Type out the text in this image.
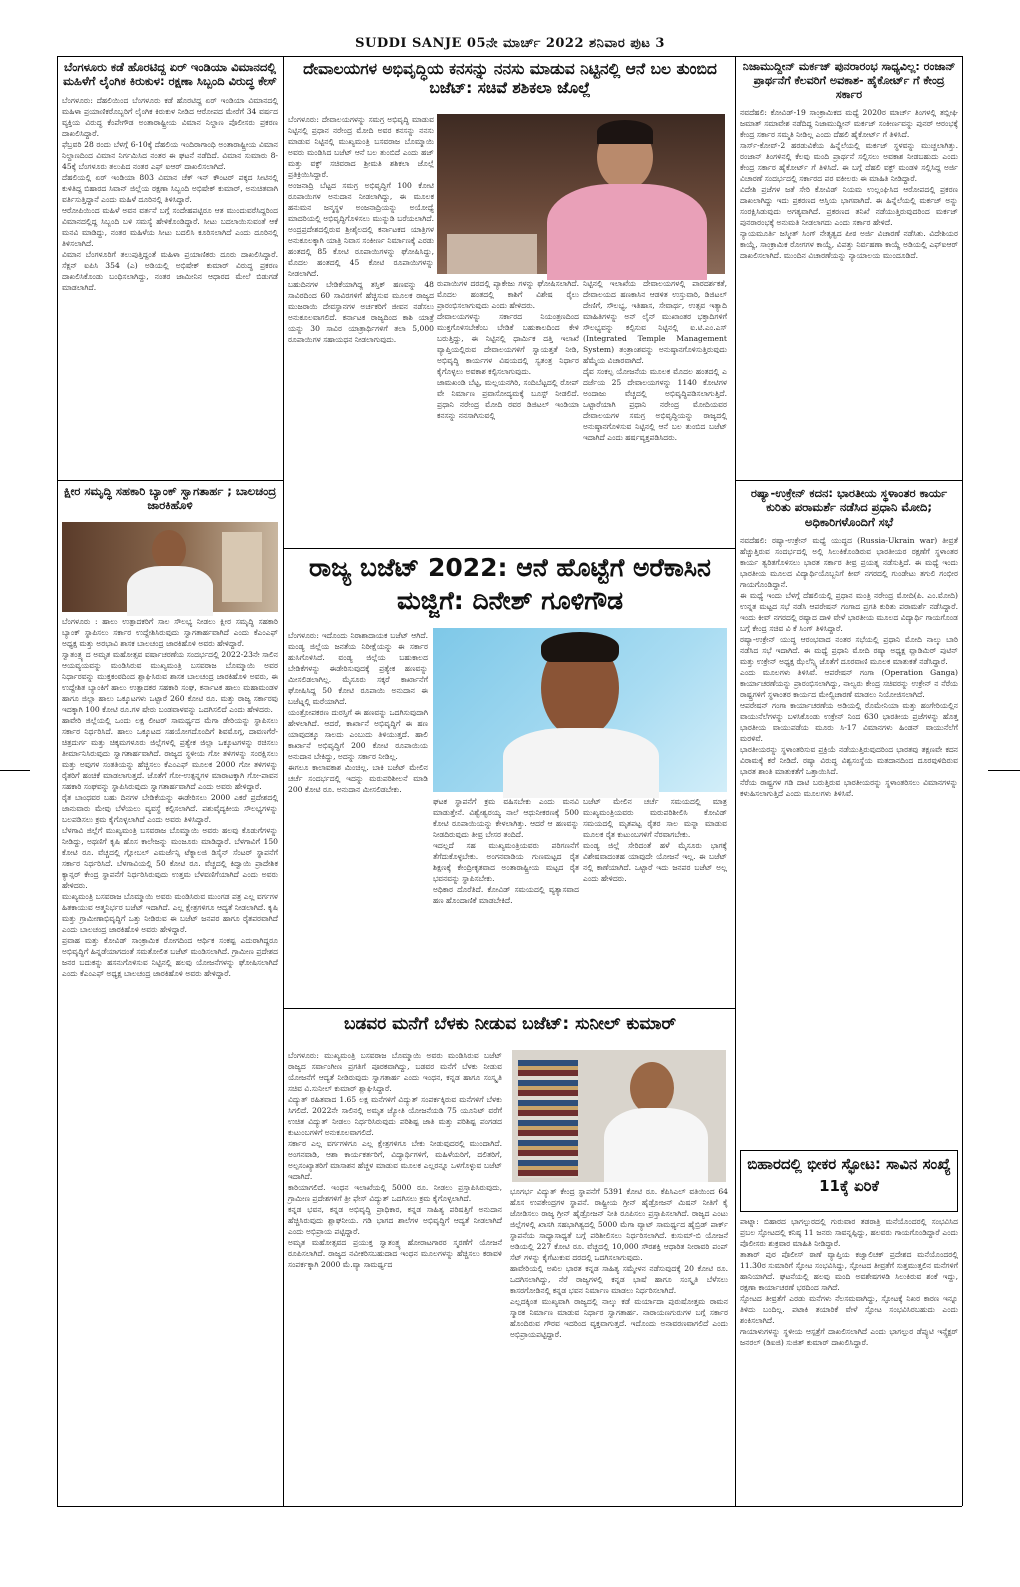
SUDDI SANJE 05ನೇ ಮಾರ್ಚ್ 2022 ಶನಿವಾರ ಪುಟ 3
ಬೆಂಗಳೂರು ಕಡೆ ಹೊರಟಿದ್ದ ಏರ್ ಇಂಡಿಯಾ ವಿಮಾನದಲ್ಲಿ ಮಹಿಳೆಗೆ ಲೈಂಗಿಕ ಕಿರುಕುಳ: ರಕ್ಷಣಾ ಸಿಬ್ಬಂದಿ ವಿರುದ್ಧ ಕೇಸ್

ಬೆಂಗಳೂರು: ದೆಹಲಿಯಿಂದ ಬೆಂಗಳೂರು ಕಡೆ ಹೊರಟಿದ್ದ ಏರ್ ಇಂಡಿಯಾ ವಿಮಾನದಲ್ಲಿ ಮಹಿಳಾ ಪ್ರಯಾಣಿಕರೊಬ್ಬರಿಗೆ ಲೈಂಗಿಕ ಕಿರುಕುಳ ನೀಡಿದ ಆರೋಪದ ಮೇರೆಗೆ 34 ವರ್ಷದ ವ್ಯಕ್ತಿಯ ವಿರುದ್ಧ ಕೆಂಪೇಗೌಡ ಅಂತಾರಾಷ್ಟ್ರೀಯ ವಿಮಾನ ನಿಲ್ದಾಣ ಪೊಲೀಸರು ಪ್ರಕರಣ ದಾಖಲಿಸಿದ್ದಾರೆ.
ಫೆಬ್ರವರಿ 28 ರಂದು ಬೆಳಗ್ಗೆ 6-10ಕ್ಕೆ ದೆಹಲಿಯ ಇಂದಿರಾಗಾಂಧಿ ಅಂತಾರಾಷ್ಟ್ರೀಯ ವಿಮಾನ ನಿಲ್ದಾಣದಿಂದ ವಿಮಾನ ನಿರ್ಗಮಿಸಿದ ನಂತರ ಈ ಘಟನೆ ನಡೆದಿದೆ. ವಿಮಾನ ಸುಮಾರು 8-45ಕ್ಕೆ ಬೆಂಗಳೂರು ತಲುಪಿದ ನಂತರ ಎಫ್ ಐಆರ್ ದಾಖಲಿಸಲಾಗಿದೆ.
ದೆಹಲಿಯಲ್ಲಿ ಏರ್ ಇಂಡಿಯಾ 803 ವಿಮಾನ ಚೆಕ್ ಇನ್ ಕೌಂಟರ್ ಪಕ್ಕದ ಸೀಟಿನಲ್ಲಿ ಕುಳಿತಿದ್ದ ಬಿಹಾರದ ಸಿವಾನ್ ಜಿಲ್ಲೆಯ ರಕ್ಷಣಾ ಸಿಬ್ಬಂದಿ ಅಭಿಷೇಕ್ ಕುಮಾರ್, ಅನುಚಿತವಾಗಿ ವರ್ತಿಸುತ್ತಿದ್ದಾನೆ ಎಂದು ಮಹಿಳೆ ದೂರಿನಲ್ಲಿ ತಿಳಿಸಿದ್ದಾರೆ.
ಆರೋಪಿಯಿಂದ ಮಹಿಳೆ ಅವನ ವರ್ತನೆ ಬಗ್ಗೆ ಸಂದೇಹಪಟ್ಟಿರೂ ಆತ ಮುಂದುವರೆಸಿದ್ದರಿಂದ ವಿಮಾನದಲ್ಲಿದ್ದ ಸಿಬ್ಬಂದಿ ಬಳಿ ಸಮಸ್ಯೆ ಹೇಳಿಕೊಂಡಿದ್ದಾರೆ. ಸೀಟು ಬದಲಾಯಿಸುವಂತೆ ಆಕೆ ಮನವಿ ಮಾಡಿದ್ದು, ನಂತರ ಮಹಿಳೆಯ ಸೀಟು ಬದಲಿಸಿ ಕೂರಿಸಲಾಗಿದೆ ಎಂದು ದೂರಿನಲ್ಲಿ ತಿಳಿಸಲಾಗಿದೆ.
ವಿಮಾನ ಬೆಂಗಳೂರಿಗೆ ತಲುಪುತ್ತಿದ್ದಂತೆ ಮಹಿಳಾ ಪ್ರಯಾಣಿಕರು ದೂರು ದಾಖಲಿಸಿದ್ದಾರೆ. ಸೆಕ್ಷನ್ ಐಪಿಸಿ 354 (ಎ) ಅಡಿಯಲ್ಲಿ ಅಭಿಷೇಕ್ ಕುಮಾರ್ ವಿರುದ್ಧ ಪ್ರಕರಣ ದಾಖಲಿಸಿಕೊಂಡು ಬಂಧಿಸಲಾಗಿದ್ದು, ನಂತರ ಜಾಮೀನಿನ ಆಧಾರದ ಮೇಲೆ ಬಿಡುಗಡೆ ಮಾಡಲಾಗಿದೆ.

ಕ್ಷೀರ ಸಮೃದ್ಧಿ ಸಹಕಾರಿ ಬ್ಯಾಂಕ್ ಸ್ವಾಗತಾರ್ಹ ; ಬಾಲಚಂದ್ರ ಜಾರಕಿಹೊಳಿ

ಬೆಂಗಳೂರು : ಹಾಲು ಉತ್ಪಾದಕರಿಗೆ ಸಾಲ ಸೌಲಭ್ಯ ನೀಡಲು ಕ್ಷೀರ ಸಮೃದ್ಧಿ ಸಹಕಾರಿ ಬ್ಯಾಂಕ್ ಸ್ಥಾಪಿಸಲು ಸರ್ಕಾರ ಉದ್ದೇಶಿಸಿರುವುದು ಸ್ವಾಗತಾರ್ಹವಾಗಿದೆ ಎಂದು ಕೆಎಂಎಫ್ ಅಧ್ಯಕ್ಷ ಮತ್ತು ಅರಭಾವಿ ಶಾಸಕ ಬಾಲಚಂದ್ರ ಜಾರಕಿಹೊಳಿ ಅವರು ಹೇಳಿದ್ದಾರೆ.
ಸ್ವಾತಂತ್ರ್ಯ ದ ಅಮೃತ ಮಹೋತ್ಸವ ವರ್ಷಾಚರಣೆಯ ಸಂದರ್ಭದಲ್ಲಿ 2022-23ನೇ ಸಾಲಿನ ಆಯವ್ಯಯವನ್ನು ಮಂಡಿಸಿರುವ ಮುಖ್ಯಮಂತ್ರಿ ಬಸವರಾಜ ಬೊಮ್ಮಾಯಿ ಅವರ ನಿರ್ಧಾರವನ್ನು ಮುಕ್ತಕಂಠದಿಂದ ಶ್ಲಾಘಿಸಿರುವ ಶಾಸಕ ಬಾಲಚಂದ್ರ ಜಾರಕಿಹೊಳಿ ಅವರು, ಈ ಉದ್ದೇಶಿತ ಬ್ಯಾಂಕಿಗೆ ಹಾಲು ಉತ್ಪಾದಕರ ಸಹಕಾರಿ ಸಂಘ, ಕರ್ನಾಟಕ ಹಾಲು ಮಹಾಮಂಡಳ ಹಾಗೂ ಜಿಲ್ಲಾ ಹಾಲು ಒಕ್ಕೂಟಗಳು ಒಟ್ಟಾರೆ 260 ಕೋಟಿ ರೂ. ಮತ್ತು ರಾಜ್ಯ ಸರ್ಕಾರವು ಇದಕ್ಕಾಗಿ 100 ಕೋಟಿ ರೂ.ಗಳ ಷೇರು ಬಂಡವಾಳವನ್ನು ಒದಗಿಸಲಿದೆ ಎಂದು ಹೇಳಿದರು.
ಹಾವೇರಿ ಜಿಲ್ಲೆಯಲ್ಲಿ ಒಂದು ಲಕ್ಷ ಲೀಟರ್ ಸಾಮರ್ಥ್ಯದ ಮೆಗಾ ಡೇರಿಯನ್ನು ಸ್ಥಾಪಿಸಲು ಸರ್ಕಾರ ನಿರ್ಧರಿಸಿದೆ. ಹಾಲು ಒಕ್ಕೂಟದ ಸಹಯೋಗದೊಂದಿಗೆ ಶಿವಮೊಗ್ಗ, ದಾವಣಗೆರೆ-ಚಿತ್ರದುರ್ಗ ಮತ್ತು ಚಿಕ್ಕಮಗಳೂರು ಜಿಲ್ಲೆಗಳಲ್ಲಿ ಪ್ರತ್ಯೇಕ ಜಿಲ್ಲಾ ಒಕ್ಕೂಟಗಳನ್ನು ರಚಿಸಲು ತೀರ್ಮಾನಿಸಿರುವುದು ಸ್ವಾಗತಾರ್ಹವಾಗಿದೆ. ರಾಜ್ಯದ ಸ್ಥಳೀಯ ಗೋ ತಳಿಗಳನ್ನು ಸಂರಕ್ಷಿಸಲು ಮತ್ತು ಅವುಗಳ ಸಂತತಿಯನ್ನು ಹೆಚ್ಚಿಸಲು ಕೆಎಂಎಫ್ ಮೂಲಕ 2000 ಗೋ ತಳಿಗಳನ್ನು ರೈತರಿಗೆ ಹಂಚಿಕೆ ಮಾಡಲಾಗುತ್ತದೆ. ಜೊತೆಗೆ ಗೋ-ಉತ್ಪನ್ನಗಳ ಮಾರಾಟಕ್ಕಾಗಿ ಗೋ-ಪಾವನ ಸಹಕಾರಿ ಸಂಘವನ್ನು ಸ್ಥಾಪಿಸಿರುವುದು ಸ್ವಾಗತಾರ್ಹವಾಗಿದೆ ಎಂದು ಅವರು ಹೇಳಿದ್ದಾರೆ.
ರೈತ ಬಾಂಧವರ ಬಹು ದಿನಗಳ ಬೇಡಿಕೆಯನ್ನು ಈಡೇರಿಸಲು 2000 ಎಕರೆ ಪ್ರದೇಶದಲ್ಲಿ ಜಾನುವಾರು ಮೇವು ಬೆಳೆಯಲು ವ್ಯವಸ್ಥೆ ಕಲ್ಪಿಸಲಾಗಿದೆ. ಪಶುವೈದ್ಯಕೀಯ ಸೌಲಭ್ಯಗಳನ್ನು ಬಲಪಡಿಸಲು ಕ್ರಮ ಕೈಗೊಳ್ಳಲಾಗಿದೆ ಎಂದು ಅವರು ತಿಳಿಸಿದ್ದಾರೆ.
ಬೆಳಗಾವಿ ಜಿಲ್ಲೆಗೆ ಮುಖ್ಯಮಂತ್ರಿ ಬಸವರಾಜ ಬೊಮ್ಮಾಯಿ ಅವರು ಹಲವು ಕೊಡುಗೆಗಳನ್ನು ನೀಡಿದ್ದು, ಅಥಣಿಗೆ ಕೃಷಿ ಹೊಸ ಕಾಲೇಜನ್ನು ಮಂಜೂರು ಮಾಡಿದ್ದಾರೆ. ಬೆಳಗಾವಿಗೆ 150 ಕೋಟಿ ರೂ. ವೆಚ್ಚದಲ್ಲಿ ಗ್ಲೋಬಲ್ ಎಮರ್ಜೆನ್ಸಿ ಟೆಕ್ನಾಲಜಿ ಡಿಸೈನ್ ಸೆಂಟರ್ ಸ್ಥಾಪನೆಗೆ ಸರ್ಕಾರ ನಿರ್ಧರಿಸಿದೆ. ಬೆಳಗಾವಿಯಲ್ಲಿ 50 ಕೋಟಿ ರೂ. ವೆಚ್ಚದಲ್ಲಿ ಕಿದ್ವಾಯಿ ಪ್ರಾದೇಶಿಕ ಕ್ಯಾನ್ಸರ್ ಕೇಂದ್ರ ಸ್ಥಾಪನೆಗೆ ನಿರ್ಧರಿಸಿರುವುದು ಉತ್ತಮ ಬೆಳವಣಿಗೆಯಾಗಿದೆ ಎಂದು ಅವರು ಹೇಳಿದರು.
ಮುಖ್ಯಮಂತ್ರಿ ಬಸವರಾಜ ಬೊಮ್ಮಾಯಿ ಅವರು ಮಂಡಿಸಿರುವ ಮುಂಗಡ ಪತ್ರ ಎಲ್ಲ ವರ್ಗಗಳ ಹಿತಕಾಯುವ ಆತ್ಮನಿರ್ಭರ ಬಜೆಟ್ ಇದಾಗಿದೆ. ಎಲ್ಲ ಕ್ಷೇತ್ರಗಳಿಗೂ ಆದ್ಯತೆ ನೀಡಲಾಗಿದೆ. ಕೃಷಿ ಮತ್ತು ಗ್ರಾಮೀಣಾಭಿವೃದ್ಧಿಗೆ ಒತ್ತು ನೀಡಿರುವ ಈ ಬಜೆಟ್ ಜನಪರ ಹಾಗೂ ರೈತಪರವಾಗಿದೆ ಎಂದು ಬಾಲಚಂದ್ರ ಜಾರಕಿಹೊಳಿ ಅವರು ಹೇಳಿದ್ದಾರೆ.
ಪ್ರವಾಹ ಮತ್ತು ಕೋವಿಡ್ ಸಾಂಕ್ರಾಮಿಕ ರೋಗದಿಂದ ಆರ್ಥಿಕ ಸಂಕಷ್ಟ ಎದುರಾಗಿದ್ದರೂ ಅಭಿವೃದ್ಧಿಗೆ ಹಿನ್ನಡೆಯಾಗದಂತೆ ಸಮತೋಲಿತ ಬಜೆಟ್ ಮಂಡಿಸಲಾಗಿದೆ. ಗ್ರಾಮೀಣ ಪ್ರದೇಶದ ಜನರ ಬದುಕನ್ನು ಹಸನುಗೊಳಿಸುವ ನಿಟ್ಟಿನಲ್ಲಿ ಹಲವು ಯೋಜನೆಗಳನ್ನು ಘೋಷಿಸಲಾಗಿದೆ ಎಂದು ಕೆಎಂಎಫ್ ಅಧ್ಯಕ್ಷ ಬಾಲಚಂದ್ರ ಜಾರಕಿಹೊಳಿ ಅವರು ಹೇಳಿದ್ದಾರೆ.

ದೇವಾಲಯಗಳ ಅಭಿವೃದ್ಧಿಯ ಕನಸನ್ನು ನನಸು ಮಾಡುವ ನಿಟ್ಟಿನಲ್ಲಿ ಆನೆ ಬಲ ತುಂಬಿದ ಬಜೆಟ್: ಸಚಿವೆ ಶಶಿಕಲಾ ಜೊಲ್ಲೆ

ಬೆಂಗಳೂರು: ದೇವಾಲಯಗಳನ್ನು ಸಮಗ್ರ ಅಭಿವೃದ್ಧಿ ಮಾಡುವ ನಿಟ್ಟಿನಲ್ಲಿ ಪ್ರಧಾನ ನರೇಂದ್ರ ಮೋದಿ ಅವರ ಕನಸನ್ನು ನನಸು ಮಾಡುವ ನಿಟ್ಟಿನಲ್ಲಿ ಮುಖ್ಯಮಂತ್ರಿ ಬಸವರಾಜ ಬೊಮ್ಮಾಯಿ ಅವರು ಮಂಡಿಸಿದ ಬಜೆಟ್ ಆನೆ ಬಲ ತುಂಬಿದೆ ಎಂದು ಹಜ್ ಮತ್ತು ವಕ್ಫ್ ಸಚಿವರಾದ ಶ್ರೀಮತಿ ಶಶಿಕಲಾ ಜೊಲ್ಲೆ ಪ್ರತಿಕ್ರಿಯಿಸಿದ್ದಾರೆ.
ಅಂಜನಾದ್ರಿ ಬೆಟ್ಟದ ಸಮಗ್ರ ಅಭಿವೃದ್ಧಿಗೆ 100 ಕೋಟಿ ರೂಪಾಯಿಗಳ ಅನುದಾನ ನೀಡಲಾಗಿದ್ದು, ಈ ಮೂಲಕ ಹನುಮನ ಜನ್ಮಸ್ಥಳ ಅಂಜನಾದ್ರಿಯನ್ನು ಅಯೋಧ್ಯೆ ಮಾದರಿಯಲ್ಲಿ ಅಭಿವೃದ್ಧಿಗೊಳಿಸಲು ಮುನ್ನುಡಿ ಬರೆಯಲಾಗಿದೆ. ಅಂದ್ರಪ್ರದೇಶದಲ್ಲಿರುವ ಶ್ರೀಶೈಲದಲ್ಲಿ ಕರ್ನಾಟಕದ ಯಾತ್ರಿಗಳ ಅನುಕೂಲಕ್ಕಾಗಿ ಯಾತ್ರಿ ನಿವಾಸ ಸಂಕೀರ್ಣ ನಿರ್ಮಾಣಕ್ಕೆ ಎರಡು ಹಂತದಲ್ಲಿ 85 ಕೋಟಿ ರೂಪಾಯಿಗಳನ್ನು ಘೋಷಿಸಿದ್ದು, ಮೊದಲ ಹಂತದಲ್ಲಿ 45 ಕೋಟಿ ರೂಪಾಯಿಗಳನ್ನು ನೀಡಲಾಗಿದೆ.
ಬಹುದಿನಗಳ ಬೇಡಿಕೆಯಾಗಿದ್ದ ತಸ್ತಿಕ್ ಹಣವನ್ನು 48 ಸಾವಿರದಿಂದ 60 ಸಾವಿರಗಳಿಗೆ ಹೆಚ್ಚಿಸುವ ಮೂಲಕ ರಾಜ್ಯದ ಮುಜರಾಯಿ ದೇವಸ್ಥಾನಗಳ ಅರ್ಚಕರಿಗೆ ಜೀವನ ನಡೆಸಲು ಅನುಕೂಲವಾಗಲಿದೆ. ಕರ್ನಾಟಕ ರಾಜ್ಯದಿಂದ ಕಾಶಿ ಯಾತ್ರೆ ಯನ್ನು 30 ಸಾವಿರ ಯಾತ್ರಾರ್ಥಿಗಳಿಗೆ ತಲಾ 5,000 ರೂಪಾಯಿಗಳ ಸಹಾಯಧನ ನೀಡಲಾಗುವುದು.

ರುಪಾಯಿಗಳ ದರದಲ್ಲಿ ಪ್ಯಾಕೇಜು ಗಳನ್ನು ಘೋಷಿಸಲಾಗಿದೆ. ಮೊದಲ ಹಂತದಲ್ಲಿ ಕಾಶಿಗೆ ವಿಶೇಷ ರೈಲು ಪ್ರಾರಂಭಿಸಲಾಗುವುದು ಎಂದು ಹೇಳಿದರು.
ದೇವಾಲಯಗಳನ್ನು ಸರ್ಕಾರದ ನಿಯಂತ್ರಣದಿಂದ ಮುಕ್ತಗೊಳಿಸಬೇಕೆಂಬ ಬೇಡಿಕೆ ಬಹುಕಾಲದಿಂದ ಕೇಳಿ ಬರುತ್ತಿದ್ದು, ಈ ನಿಟ್ಟಿನಲ್ಲಿ ಧಾರ್ಮಿಕ ದತ್ತಿ ಇಲಾಖೆ ವ್ಯಾಪ್ತಿಯಲ್ಲಿರುವ ದೇವಾಲಯಗಳಿಗೆ ಸ್ವಾಯತ್ತತೆ ನೀಡಿ, ಅಭಿವೃದ್ಧಿ ಕಾರ್ಯಗಳ ವಿಷಯದಲ್ಲಿ ಸ್ವತಂತ್ರ ನಿರ್ಧಾರ ಕೈಗೊಳ್ಳಲು ಅವಕಾಶ ಕಲ್ಪಿಸಲಾಗುವುದು.
ಜಾಮಖಂಡಿ ಬೆಟ್ಟ, ಮಲ್ಲಯನಗಿರಿ, ಸಂದಿಬೆಟ್ಟದಲ್ಲಿ ರೋಪ್ ವೇ ನಿರ್ಮಾಣ ಪ್ರವಾಸೋದ್ಯಮಕ್ಕೆ ಬೂಸ್ಟ್ ನೀಡಲಿದೆ. ಪ್ರಧಾನಿ ನರೇಂದ್ರ ಮೋದಿ ರವರ ಡಿಜಿಟಲ್ ಇಂಡಿಯಾ ಕನಸನ್ನು ನನಸಾಗಿಸುವಲ್ಲಿ

ನಿಟ್ಟಿನಲ್ಲಿ ಇಲಾಖೆಯ ದೇವಾಲಯಗಳಲ್ಲಿ ಪಾರದರ್ಶಕತೆ, ದೇವಾಲಯದ ಹಣಕಾಸಿನ ಆಡಳಿತ ಉಸ್ತುವಾರಿ, ಡಿಜಿಟಲ್ ದೇಣಿಗೆ, ಸೌಲಭ್ಯ, ಇತಿಹಾಸ, ಸೇವಾರ್ಥ, ಉತ್ಸವ ಇತ್ಯಾದಿ ಮಾಹಿತಿಗಳನ್ನು ಅನ್ ಲೈನ್ ಮುಖಾಂತರ ಭಕ್ತಾದಿಗಳಿಗೆ ಸೌಲಭ್ಯವನ್ನು ಕಲ್ಪಿಸುವ ನಿಟ್ಟಿನಲ್ಲಿ ಐ.ಟಿ.ಎಂ.ಎಸ್ (Integrated Temple Management System) ತಂತ್ರಾಂಶವನ್ನು ಅನುಷ್ಠಾನಗೊಳಿಸುತ್ತಿರುವುದು ಹೆಮ್ಮೆಯ ವಿಚಾರವಾಗಿದೆ.
ದೈವ ಸಂಕಲ್ಪ ಯೋಜನೆಯ ಮೂಲಕ ಮೊದಲ ಹಂತದಲ್ಲಿ ಎ ದರ್ಜೆಯ 25 ದೇವಾಲಯಗಳನ್ನು 1140 ಕೋಟಿಗಳ ಅಂದಾಜು ವೆಚ್ಚದಲ್ಲಿ ಅಭಿವೃದ್ಧಿಪಡಿಸಲಾಗುತ್ತಿದೆ. ಒಟ್ಟಾರೆಯಾಗಿ ಪ್ರಧಾನಿ ನರೇಂದ್ರ ಮೋದಿಯವರ ದೇವಾಲಯಗಳ ಸಮಗ್ರ ಅಭಿವೃದ್ಧಿಯನ್ನು ರಾಜ್ಯದಲ್ಲಿ ಅನುಷ್ಠಾನಗೊಳಿಸುವ ನಿಟ್ಟಿನಲ್ಲಿ ಆನೆ ಬಲ ತುಂಬಿದ ಬಜೆಟ್ ಇದಾಗಿದೆ ಎಂದು ಹರ್ಷವ್ಯಕ್ತಪಡಿಸಿದರು.

ರಾಜ್ಯ ಬಜೆಟ್ 2022: ಆನೆ ಹೊಟ್ಟೆಗೆ ಅರೆಕಾಸಿನ ಮಜ್ಜಿಗೆ: ದಿನೇಶ್ ಗೂಳಿಗೌಡ

ಬೆಂಗಳೂರು: ಇದೊಂದು ನಿರಾಶಾದಾಯಕ ಬಜೆಟ್ ಆಗಿದೆ. ಮಂಡ್ಯ ಜಿಲ್ಲೆಯ ಜನತೆಯ ನಿರೀಕ್ಷೆಯನ್ನು ಈ ಸರ್ಕಾರ ಹುಸಿಗೊಳಿಸಿದೆ. ವಂಡ್ಯ ಜಿಲ್ಲೆಯ ಬಹುಕಾಲದ ಬೇಡಿಕೆಗಳನ್ನು ಈಡೇರಿಸುವುದಕ್ಕೆ ಪ್ರತ್ಯೇಕ ಹಣವನ್ನು ಮೀಸಲಿಡಲಾಗಿಲ್ಲ. ಮೈಸೂರು ಸಕ್ಕರೆ ಕಾರ್ಖಾನೆಗೆ ಘೋಷಿಸಿದ್ದ 50 ಕೋಟಿ ರೂಪಾಯಿ ಅನುದಾನ ಈ ಬಜೆಟ್ನಲ್ಲಿ ಮರೆಯಾಗಿದೆ.
ಯಂತ್ರೋಪಕರಣ ದುರಸ್ತಿಗೆ ಈ ಹಣವನ್ನು ಒದಗಿಸುವುದಾಗಿ ಹೇಳಲಾಗಿದೆ. ಆದರೆ, ಕಾರ್ಖಾನೆ ಅಭಿವೃದ್ಧಿಗೆ ಈ ಹಣ ಯಾವುದಕ್ಕೂ ಸಾಲದು ಎಂಬುದು ತಿಳಿಯುತ್ತದೆ. ಹಾಲಿ ಕಾರ್ಖಾನೆ ಅಭಿವೃದ್ಧಿಗೆ 200 ಕೋಟಿ ರೂಪಾಯಿಯ ಅನುದಾನ ಬೇಕಿದ್ದು, ಅದನ್ನು ಸರ್ಕಾರ ನೀಡಿಲ್ಲ.
ಈಗಲೂ ಕಾಲಾವಕಾಶ ಮಿಂಚಿಲ್ಲ. ಬಾಕಿ ಬಜೆಟ್ ಮೇಲಿನ ಚರ್ಚೆ ಸಂದರ್ಭದಲ್ಲಿ ಇದನ್ನು ಮರುಪರಿಶೀಲನೆ ಮಾಡಿ 200 ಕೋಟಿ ರೂ. ಅನುದಾನ ಮೀಸಲಿಡಬೇಕು.

ಘಟಕ ಸ್ಥಾಪನೆಗೆ ಕ್ರಮ ವಹಿಸಬೇಕು ಎಂದು ಮನವಿ ಮಾಡುತ್ತೇನೆ. ವಿಶ್ವೇಶ್ವರಯ್ಯ ನಾಲೆ ಆಧುನೀಕರಣಕ್ಕೆ 500 ಕೋಟಿ ರೂಪಾಯಿಯನ್ನು ಕೇಳಲಾಗಿತ್ತು. ಆದರೆ ಆ ಹಣವನ್ನು ನೀಡದಿರುವುದು ತೀವ್ರ ಬೇಸರ ತಂದಿದೆ.
ಇದಲ್ಲದೆ ಸಹ ಮುಖ್ಯಮಂತ್ರಿಯವರು ಪರಿಗಣನೆಗೆ ತೆಗೆದುಕೊಳ್ಳಬೇಕು. ಅಂಗನವಾಡಿಯ ಗುಣಮಟ್ಟದ ರೈತ ಶಿಕ್ಷಣಕ್ಕೆ ಕೇಂದ್ರೀಕೃತವಾದ ಅಂತಾರಾಷ್ಟ್ರೀಯ ಮಟ್ಟದ ರೈತ ಭವನವನ್ನು ಸ್ಥಾಪಿಸಬೇಕು.
ಅಧಿಕಾರ ದೊರೆತಿದೆ. ಕೋವಿಡ್ ಸಮಯದಲ್ಲಿ ವ್ಯತ್ಯಾಸವಾದ ಹಣ ಹೊಂದಾಣಿಕೆ ಮಾಡಬೇಕಿದೆ.

ಬಜೆಟ್ ಮೇಲಿನ ಚರ್ಚೆ ಸಮಯದಲ್ಲಿ ಮಾತ್ರ ಮುಖ್ಯಮಂತ್ರಿಯವರು ಮರುಪರಿಶೀಲಿಸಿ ಕೋವಿಡ್ ಸಮಯದಲ್ಲಿ ಮೃತಪಟ್ಟ ರೈತರ ಸಾಲ ಮನ್ನಾ ಮಾಡುವ ಮೂಲಕ ರೈತ ಕುಟುಂಬಗಳಿಗೆ ನೆರವಾಗಬೇಕು.
ಮಂಡ್ಯ ಜಿಲ್ಲೆ ಸೇರಿದಂತೆ ಹಳೆ ಮೈಸೂರು ಭಾಗಕ್ಕೆ ವಿಶೇಷವಾದಂತಹ ಯಾವುದೇ ಯೋಜನೆ ಇಲ್ಲ. ಈ ಬಜೆಟ್ ನಲ್ಲಿ ಕಾಣೆಯಾಗಿದೆ. ಒಟ್ಟಾರೆ ಇದು ಜನಪರ ಬಜೆಟ್ ಅಲ್ಲ ಎಂದು ಹೇಳಿದರು.

ಬಡವರ ಮನೆಗೆ ಬೆಳಕು ನೀಡುವ ಬಜೆಟ್: ಸುನೀಲ್ ಕುಮಾರ್

ಬೆಂಗಳೂರು: ಮುಖ್ಯಮಂತ್ರಿ ಬಸವರಾಜ ಬೊಮ್ಮಾಯಿ ಅವರು ಮಂಡಿಸಿರುವ ಬಜೆಟ್ ರಾಜ್ಯದ ಸರ್ವಾಂಗೀಣ ಪ್ರಗತಿಗೆ ಪೂರಕವಾಗಿದ್ದು, ಬಡವರ ಮನೆಗೆ ಬೆಳಕು ನೀಡುವ ಯೋಜನೆಗೆ ಆದ್ಯತೆ ನೀಡಿರುವುದು ಸ್ವಾಗತಾರ್ಹ ಎಂದು ಇಂಧನ, ಕನ್ನಡ ಹಾಗೂ ಸಂಸ್ಕೃತಿ ಸಚಿವ ವಿ.ಸುನೀಲ್ ಕುಮಾರ್ ಶ್ಲಾಘಿಸಿದ್ದಾರೆ.
ವಿದ್ಯುತ್ ರಹಿತವಾದ 1.65 ಲಕ್ಷ ಮನೆಗಳಿಗೆ ವಿದ್ಯುತ್ ಸಂಪರ್ಕಕ್ಕಿರುವ ಮನೆಗಳಿಗೆ ಬೆಳಕು ಸಿಗಲಿದೆ. 2022ನೇ ಸಾಲಿನಲ್ಲಿ ಅಮೃತ ಜ್ಯೋತಿ ಯೋಜನೆಯಡಿ 75 ಯೂನಿಟ್ ವರೆಗೆ ಉಚಿತ ವಿದ್ಯುತ್ ನೀಡಲು ನಿರ್ಧರಿಸಿರುವುದು ಪರಿಶಿಷ್ಟ ಜಾತಿ ಮತ್ತು ಪರಿಶಿಷ್ಟ ಪಂಗಡದ ಕುಟುಂಬಗಳಿಗೆ ಅನುಕೂಲವಾಗಲಿದೆ.
ಸರ್ಕಾರ ಎಲ್ಲ ವರ್ಗಗಳಿಗೂ ಎಲ್ಲ ಕ್ಷೇತ್ರಗಳಿಗೂ ಬೇಕು ನೀಡುವುದರಲ್ಲಿ ಮುಂದಾಗಿದೆ. ಅಂಗನವಾಡಿ, ಆಶಾ ಕಾರ್ಯಕರ್ತರಿಗೆ, ವಿದ್ಯಾರ್ಥಿಗಳಿಗೆ, ಮಹಿಳೆಯರಿಗೆ, ದಲಿತರಿಗೆ, ಅಲ್ಪಸಂಖ್ಯಾತರಿಗೆ ಮಾಸಾಶನ ಹೆಚ್ಚಳ ಮಾಡುವ ಮೂಲಕ ಎಲ್ಲರನ್ನೂ ಒಳಗೊಳ್ಳುವ ಬಜೆಟ್ ಇದಾಗಿದೆ.
ಕಾರಿಯಾಗಲಿದೆ. ಇಂಧನ ಇಲಾಖೆಯಲ್ಲಿ 5000 ರೂ. ನೀಡಲು ಪ್ರಸ್ತಾಪಿಸಿರುವುದು, ಗ್ರಾಮೀಣ ಪ್ರದೇಶಗಳಿಗೆ ತ್ರೀ ಫೇಸ್ ವಿದ್ಯುತ್ ಒದಗಿಸಲು ಕ್ರಮ ಕೈಗೊಳ್ಳಲಾಗಿದೆ.
ಕನ್ನಡ ಭವನ, ಕನ್ನಡ ಅಭಿವೃದ್ಧಿ ಪ್ರಾಧಿಕಾರ, ಕನ್ನಡ ಸಾಹಿತ್ಯ ಪರಿಷತ್ತಿಗೆ ಅನುದಾನ ಹೆಚ್ಚಿಸಿರುವುದು ಶ್ಲಾಘನೀಯ. ಗಡಿ ಭಾಗದ ಶಾಲೆಗಳ ಅಭಿವೃದ್ಧಿಗೆ ಆದ್ಯತೆ ನೀಡಲಾಗಿದೆ ಎಂದು ಅಭಿಪ್ರಾಯ ಪಟ್ಟಿದ್ದಾರೆ.
ಅಮೃತ ಮಹೋತ್ಸವದ ಪ್ರಯುಕ್ತ ಸ್ವಾತಂತ್ರ್ಯ ಹೋರಾಟಗಾರರ ಸ್ಮರಣೆಗೆ ಯೋಜನೆ ರೂಪಿಸಲಾಗಿದೆ. ರಾಜ್ಯದ ನವೀಕರಿಸಬಹುದಾದ ಇಂಧನ ಮೂಲಗಳನ್ನು ಹೆಚ್ಚಿಸಲು ಕರಾವಳಿ ಸಂಪರ್ಕಕ್ಕಾಗಿ 2000 ಮೆ.ವ್ಯಾ ಸಾಮರ್ಥ್ಯದ

ಭೂಗರ್ಭ ವಿದ್ಯುತ್ ಕೇಂದ್ರ ಸ್ಥಾಪನೆಗೆ 5391 ಕೋಟಿ ರೂ. ಕೆಪಿಸಿಎಲ್ ವತಿಯಿಂದ 64 ಹೊಸ ಉಪಕೇಂದ್ರಗಳ ಸ್ಥಾಪನೆ. ರಾಷ್ಟ್ರೀಯ ಗ್ರೀನ್ ಹೈಡ್ರೋಜನ್ ಮಿಷನ್ ನೀತಿಗೆ ಕೈ ಜೋಡಿಸಲು ರಾಜ್ಯ ಗ್ರೀನ್ ಹೈಡ್ರೋಜನ್ ನೀತಿ ರೂಪಿಸಲು ಪ್ರಸ್ತಾಪಿಸಲಾಗಿದೆ. ರಾಜ್ಯದ ಎಂಟು ಜಿಲ್ಲೆಗಳಲ್ಲಿ ಖಾಸಗಿ ಸಹಭಾಗಿತ್ವದಲ್ಲಿ 5000 ಮೆಗಾ ವ್ಯಾಟ್ ಸಾಮರ್ಥ್ಯದ ಹೈಬ್ರಿಡ್ ಪಾರ್ಕ್ ಸ್ಥಾಪನೆಯ ಸಾಧ್ಯಾಸಾಧ್ಯತೆ ಬಗ್ಗೆ ಪರಿಶೀಲಿಸಲು ನಿರ್ಧರಿಸಲಾಗಿದೆ. ಕುಸುಮ್-ಬಿ ಯೋಜನೆ ಅಡಿಯಲ್ಲಿ 227 ಕೋಟಿ ರೂ. ವೆಚ್ಚದಲ್ಲಿ 10,000 ಸೌರಶಕ್ತಿ ಆಧಾರಿತ ನೀರಾವರಿ ಪಂಪ್ ಸೆಟ್ ಗಳನ್ನು ಕೈಗೆಟುಕುವ ದರದಲ್ಲಿ ಒದಗಿಸಲಾಗುವುದು.
ಹಾವೇರಿಯಲ್ಲಿ ಅಖಿಲ ಭಾರತ ಕನ್ನಡ ಸಾಹಿತ್ಯ ಸಮ್ಮೇಳನ ನಡೆಸುವುದಕ್ಕೆ 20 ಕೋಟಿ ರೂ. ಒದಗಿಸಲಾಗಿದ್ದು, ನೆರೆ ರಾಜ್ಯಗಳಲ್ಲಿ ಕನ್ನಡ ಭಾಷೆ ಹಾಗೂ ಸಂಸ್ಕೃತಿ ಬೆಳೆಸಲು ಕಾಸರಗೋಡಿನಲ್ಲಿ ಕನ್ನಡ ಭವನ ನಿರ್ಮಾಣ ಮಾಡಲು ನಿರ್ಧರಿಸಲಾಗಿದೆ.
ಎಲ್ಲದಕ್ಕಿಂತ ಮುಖ್ಯವಾಗಿ ರಾಜ್ಯದಲ್ಲಿ ನಾಲ್ಕು ಕಡೆ ಮರ್ಯಾದಾ ಪುರುಷೋತ್ತಮ ರಾಮನ ಸ್ಮಾರಕ ನಿರ್ಮಾಣ ಮಾಡುವ ನಿರ್ಧಾರ ಸ್ವಾಗತಾರ್ಹ. ನಾರಾಯಣಗುರುಗಳ ಬಗ್ಗೆ ಸರ್ಕಾರ ಹೊಂದಿರುವ ಗೌರವ ಇದರಿಂದ ವ್ಯಕ್ತವಾಗುತ್ತದೆ. ಇದೊಂದು ಅನಾವರಣವಾಗಲಿದೆ ಎಂದು ಅಭಿಪ್ರಾಯಪಟ್ಟಿದ್ದಾರೆ.

ನಿಜಾಮುದ್ದೀನ್ ಮರ್ಕಜ್ ಪುನರಾರಂಭ ಸಾಧ್ಯವಿಲ್ಲ: ರಂಜಾನ್ ಪ್ರಾರ್ಥನೆಗೆ ಕೆಲವರಿಗೆ ಅವಕಾಶ- ಹೈಕೋರ್ಟ್ ಗೆ ಕೇಂದ್ರ ಸರ್ಕಾರ

ನವದೆಹಲಿ: ಕೋವಿಡ್-19 ಸಾಂಕ್ರಾಮಿಕದ ಮಧ್ಯೆ 2020ರ ಮಾರ್ಚ್ ತಿಂಗಳಲ್ಲಿ ತಬ್ಲೀಘಿ ಜಮಾತ್ ಸಮಾವೇಶ ನಡೆದಿದ್ದ ನಿಜಾಮುದ್ದೀನ್ ಮರ್ಕಜ್ ಸಂಕೀರ್ಣವನ್ನು ಪುನರ್ ಆರಂಭಕ್ಕೆ ಕೇಂದ್ರ ಸರ್ಕಾರ ಸಮ್ಮತಿ ನೀಡಿಲ್ಲ ಎಂದು ದೆಹಲಿ ಹೈಕೋರ್ಟ್ ಗೆ ತಿಳಿಸಿದೆ.
ಸಾರ್ಸ್-ಕೋವ್-2 ಹರಡುವಿಕೆಯ ಹಿನ್ನೆಲೆಯಲ್ಲಿ ಮರ್ಕಜ್ ಸ್ಥಳವನ್ನು ಮುಚ್ಚಲಾಗಿತ್ತು. ರಂಜಾನ್ ತಿಂಗಳಿನಲ್ಲಿ ಕೆಲವು ಮಂದಿ ಪ್ರಾರ್ಥನೆ ಸಲ್ಲಿಸಲು ಅವಕಾಶ ನೀಡಬಹುದು ಎಂದು ಕೇಂದ್ರ ಸರ್ಕಾರ ಹೈಕೋರ್ಟ್ ಗೆ ತಿಳಿಸಿದೆ. ಈ ಬಗ್ಗೆ ದೆಹಲಿ ವಕ್ಫ್ ಮಂಡಳಿ ಸಲ್ಲಿಸಿದ್ದ ಅರ್ಜಿ ವಿಚಾರಣೆ ಸಂದರ್ಭದಲ್ಲಿ ಸರ್ಕಾರದ ಪರ ವಕೀಲರು ಈ ಮಾಹಿತಿ ನೀಡಿದ್ದಾರೆ.
ವಿದೇಶಿ ಪ್ರಜೆಗಳ ಜತೆ ಸೇರಿ ಕೋವಿಡ್ ನಿಯಮ ಉಲ್ಲಂಘಿಸಿದ ಆರೋಪದಲ್ಲಿ ಪ್ರಕರಣ ದಾಖಲಾಗಿದ್ದು ಇದು ಪ್ರಕರಣದ ಆಸ್ತಿಯ ಭಾಗವಾಗಿದೆ. ಈ ಹಿನ್ನೆಲೆಯಲ್ಲಿ ಮರ್ಕಜ್ ಅನ್ನು ಸಂರಕ್ಷಿಸಿಡುವುದು ಅಗತ್ಯವಾಗಿದೆ. ಪ್ರಕರಣದ ತನಿಖೆ ನಡೆಯುತ್ತಿರುವುದರಿಂದ ಮರ್ಕಜ್ ಪುನರಾರಂಭಕ್ಕೆ ಅನುಮತಿ ನೀಡಲಾಗದು ಎಂದು ಸರ್ಕಾರ ಹೇಳಿದೆ.
ನ್ಯಾಯಮೂರ್ತಿ ಜಸ್ಮೀತ್ ಸಿಂಗ್ ನೇತೃತ್ವದ ಪೀಠ ಅರ್ಜಿ ವಿಚಾರಣೆ ನಡೆಸಿತು. ವಿದೇಶಿಯರ ಕಾಯ್ದೆ, ಸಾಂಕ್ರಾಮಿಕ ರೋಗಗಳ ಕಾಯ್ದೆ, ವಿಪತ್ತು ನಿರ್ವಹಣಾ ಕಾಯ್ದೆ ಅಡಿಯಲ್ಲಿ ಎಫ್ಐಆರ್ ದಾಖಲಿಸಲಾಗಿದೆ. ಮುಂದಿನ ವಿಚಾರಣೆಯನ್ನು ನ್ಯಾಯಾಲಯ ಮುಂದೂಡಿದೆ.

ರಷ್ಯಾ-ಉಕ್ರೇನ್ ಕದನ: ಭಾರತೀಯ ಸ್ಥಳಾಂತರ ಕಾರ್ಯ ಕುರಿತು ಪರಾಮರ್ಶೆ ನಡೆಸಿದ ಪ್ರಧಾನಿ ಮೋದಿ; ಅಧಿಕಾರಿಗಳೊಂದಿಗೆ ಸಭೆ

ನವದೆಹಲಿ: ರಷ್ಯಾ-ಉಕ್ರೇನ್ ಮಧ್ಯೆ ಯುದ್ಧದ (Russia-Ukrain war) ತೀವ್ರತೆ ಹೆಚ್ಚುತ್ತಿರುವ ಸಂದರ್ಭದಲ್ಲಿ ಅಲ್ಲಿ ಸಿಲುಕಿಕೊಂಡಿರುವ ಭಾರತೀಯರ ರಕ್ಷಣೆಗೆ ಸ್ಥಳಾಂತರ ಕಾರ್ಯ ತ್ವರಿತಗೊಳಿಸಲು ಭಾರತ ಸರ್ಕಾರ ತೀವ್ರ ಪ್ರಯತ್ನ ನಡೆಸುತ್ತಿದೆ. ಈ ಮಧ್ಯೆ ಇಂದು ಭಾರತೀಯ ಮೂಲದ ವಿದ್ಯಾರ್ಥಿಯೊಬ್ಬನಿಗೆ ಕೀವ್ ನಗರದಲ್ಲಿ ಗುಂಡೇಟು ತಗುಲಿ ಗಂಭೀರ ಗಾಯಗೊಂಡಿದ್ದಾನೆ.
ಈ ಮಧ್ಯೆ ಇಂದು ಬೆಳಗ್ಗೆ ದೆಹಲಿಯಲ್ಲಿ ಪ್ರಧಾನ ಮಂತ್ರಿ ನರೇಂದ್ರ ಮೋದಿ(ಪಿ. ಎಂ.ಮೋದಿ) ಉನ್ನತ ಮಟ್ಟದ ಸಭೆ ನಡೆಸಿ ಆಪರೇಷನ್ ಗಂಗಾದ ಪ್ರಗತಿ ಕುರಿತು ಪರಾಮರ್ಶೆ ನಡೆಸಿದ್ದಾರೆ. ಇಂದು ಕೀವ್ ನಗರದಲ್ಲಿ ರಷ್ಯಾದ ದಾಳಿ ವೇಳೆ ಭಾರತೀಯ ಮೂಲದ ವಿದ್ಯಾರ್ಥಿ ಗಾಯಗೊಂಡ ಬಗ್ಗೆ ಕೇಂದ್ರ ಸಚಿವ ವಿ ಕೆ ಸಿಂಗ್ ತಿಳಿಸಿದ್ದಾರೆ.
ರಷ್ಯಾ-ಉಕ್ರೇನ್ ಯುದ್ಧ ಆರಂಭವಾದ ನಂತರ ಸಭೆಯಲ್ಲಿ ಪ್ರಧಾನಿ ಮೋದಿ ನಾಲ್ಕು ಬಾರಿ ನಡೆಸಿದ ಸಭೆ ಇದಾಗಿದೆ. ಈ ಮಧ್ಯೆ ಪ್ರಧಾನಿ ಮೋದಿ ರಷ್ಯಾ ಅಧ್ಯಕ್ಷ ವ್ಲಾಡಿಮಿರ್ ಪುಟಿನ್ ಮತ್ತು ಉಕ್ರೇನ್ ಅಧ್ಯಕ್ಷ ಝೆಲೆನ್ಸ್ಕಿ ಜೊತೆಗೆ ದೂರವಾಣಿ ಮೂಲಕ ಮಾತುಕತೆ ನಡೆಸಿದ್ದಾರೆ.
ಎಂದು ಮೂಲಗಳು ತಿಳಿಸಿವೆ. ಆಪರೇಷನ್ ಗಂಗಾ (Operation Ganga) ಕಾರ್ಯಾಚರಣೆಯನ್ನು ಪ್ರಾರಂಭಿಸಲಾಗಿದ್ದು, ನಾಲ್ವರು ಕೇಂದ್ರ ಸಚಿವರನ್ನು ಉಕ್ರೇನ್ ನ ನೆರೆಯ ರಾಷ್ಟ್ರಗಳಿಗೆ ಸ್ಥಳಾಂತರ ಕಾರ್ಯದ ಮೇಲ್ವಿಚಾರಣೆ ಮಾಡಲು ನಿಯೋಜಿಸಲಾಗಿದೆ.
ಆಪರೇಷನ್ ಗಂಗಾ ಕಾರ್ಯಾಚರಣೆಯ ಅಡಿಯಲ್ಲಿ ರೊಮೇನಿಯಾ ಮತ್ತು ಹಂಗೇರಿಯಲ್ಲಿನ ವಾಯುನೆಲೆಗಳನ್ನು ಬಳಸಿಕೊಂಡು ಉಕ್ರೇನ್ ನಿಂದ 630 ಭಾರತೀಯ ಪ್ರಜೆಗಳನ್ನು ಹೊತ್ತ ಭಾರತೀಯ ವಾಯುಪಡೆಯ ಮೂರು ಸಿ-17 ವಿಮಾನಗಳು ಹಿಂಡನ್ ವಾಯುನೆಲೆಗೆ ಮರಳಿವೆ.
ಭಾರತೀಯರನ್ನು ಸ್ಥಳಾಂತರಿಸುವ ಪ್ರಕ್ರಿಯೆ ನಡೆಯುತ್ತಿರುವುದರಿಂದ ಭಾರತವು ತಕ್ಷಣವೇ ಕದನ ವಿರಾಮಕ್ಕೆ ಕರೆ ನೀಡಿದೆ. ರಷ್ಯಾ ವಿರುದ್ಧ ವಿಶ್ವಸಂಸ್ಥೆಯ ಮತದಾನದಿಂದ ದೂರವುಳಿದಿರುವ ಭಾರತ ಶಾಂತಿ ಮಾತುಕತೆಗೆ ಒತ್ತಾಯಿಸಿದೆ.
ನೆರೆಯ ರಾಷ್ಟ್ರಗಳ ಗಡಿ ದಾಟಿ ಬರುತ್ತಿರುವ ಭಾರತೀಯರನ್ನು ಸ್ಥಳಾಂತರಿಸಲು ವಿಮಾನಗಳನ್ನು ಕಳುಹಿಸಲಾಗುತ್ತಿದೆ ಎಂದು ಮೂಲಗಳು ತಿಳಿಸಿವೆ.

ಬಿಹಾರದಲ್ಲಿ ಭೀಕರ ಸ್ಫೋಟ: ಸಾವಿನ ಸಂಖ್ಯೆ 11ಕ್ಕೆ ಏರಿಕೆ

ಪಾಟ್ನಾ: ಬಿಹಾರದ ಭಾಗಲ್ಪುರದಲ್ಲಿ ಗುರುವಾರ ತಡರಾತ್ರಿ ಮನೆಯೊಂದರಲ್ಲಿ ಸಂಭವಿಸಿದ ಪ್ರಬಲ ಸ್ಫೋಟದಲ್ಲಿ ಕನಿಷ್ಠ 11 ಜನರು ಸಾವನ್ನಪ್ಪಿದ್ದು, ಹಲವರು ಗಾಯಗೊಂಡಿದ್ದಾರೆ ಎಂದು ಪೊಲೀಸರು ಶುಕ್ರವಾರ ಮಾಹಿತಿ ನೀಡಿದ್ದಾರೆ.
ತಾತಾರ್ ಪುರ ಪೊಲೀಸ್ ಠಾಣೆ ವ್ಯಾಪ್ತಿಯ ಕಜ್ವಾಲಿಚಕ್ ಪ್ರದೇಶದ ಮನೆಯೊಂದರಲ್ಲಿ 11.30ರ ಸುಮಾರಿಗೆ ಸ್ಫೋಟ ಸಂಭವಿಸಿದ್ದು, ಸ್ಫೋಟದ ತೀವ್ರತೆಗೆ ಸುತ್ತಮುತ್ತಲಿನ ಮನೆಗಳಿಗೆ ಹಾನಿಯಾಗಿದೆ. ಘಟನೆಯಲ್ಲಿ ಹಲವು ಮಂದಿ ಅವಶೇಷಗಳಡಿ ಸಿಲುಕಿರುವ ಶಂಕೆ ಇದ್ದು, ರಕ್ಷಣಾ ಕಾರ್ಯಾಚರಣೆ ಭರದಿಂದ ಸಾಗಿದೆ.
ಸ್ಫೋಟದ ತೀವ್ರತೆಗೆ ಎರಡು ಮನೆಗಳು ನೆಲಸಮವಾಗಿದ್ದು, ಸ್ಫೋಟಕ್ಕೆ ನಿಖರ ಕಾರಣ ಇನ್ನೂ ತಿಳಿದು ಬಂದಿಲ್ಲ. ಪಟಾಕಿ ತಯಾರಿಕೆ ವೇಳೆ ಸ್ಫೋಟ ಸಂಭವಿಸಿರಬಹುದು ಎಂದು ಶಂಕಿಸಲಾಗಿದೆ.
ಗಾಯಾಳುಗಳನ್ನು ಸ್ಥಳೀಯ ಆಸ್ಪತ್ರೆಗೆ ದಾಖಲಿಸಲಾಗಿದೆ ಎಂದು ಭಾಗಲ್ಪುರ ಡೆಪ್ಯುಟಿ ಇನ್ಸ್ಪೆಕ್ಟರ್ ಜನರಲ್ (ಡಿಐಜಿ) ಸುಜಿತ್ ಕುಮಾರ್ ದಾಖಲಿಸಿದ್ದಾರೆ.
